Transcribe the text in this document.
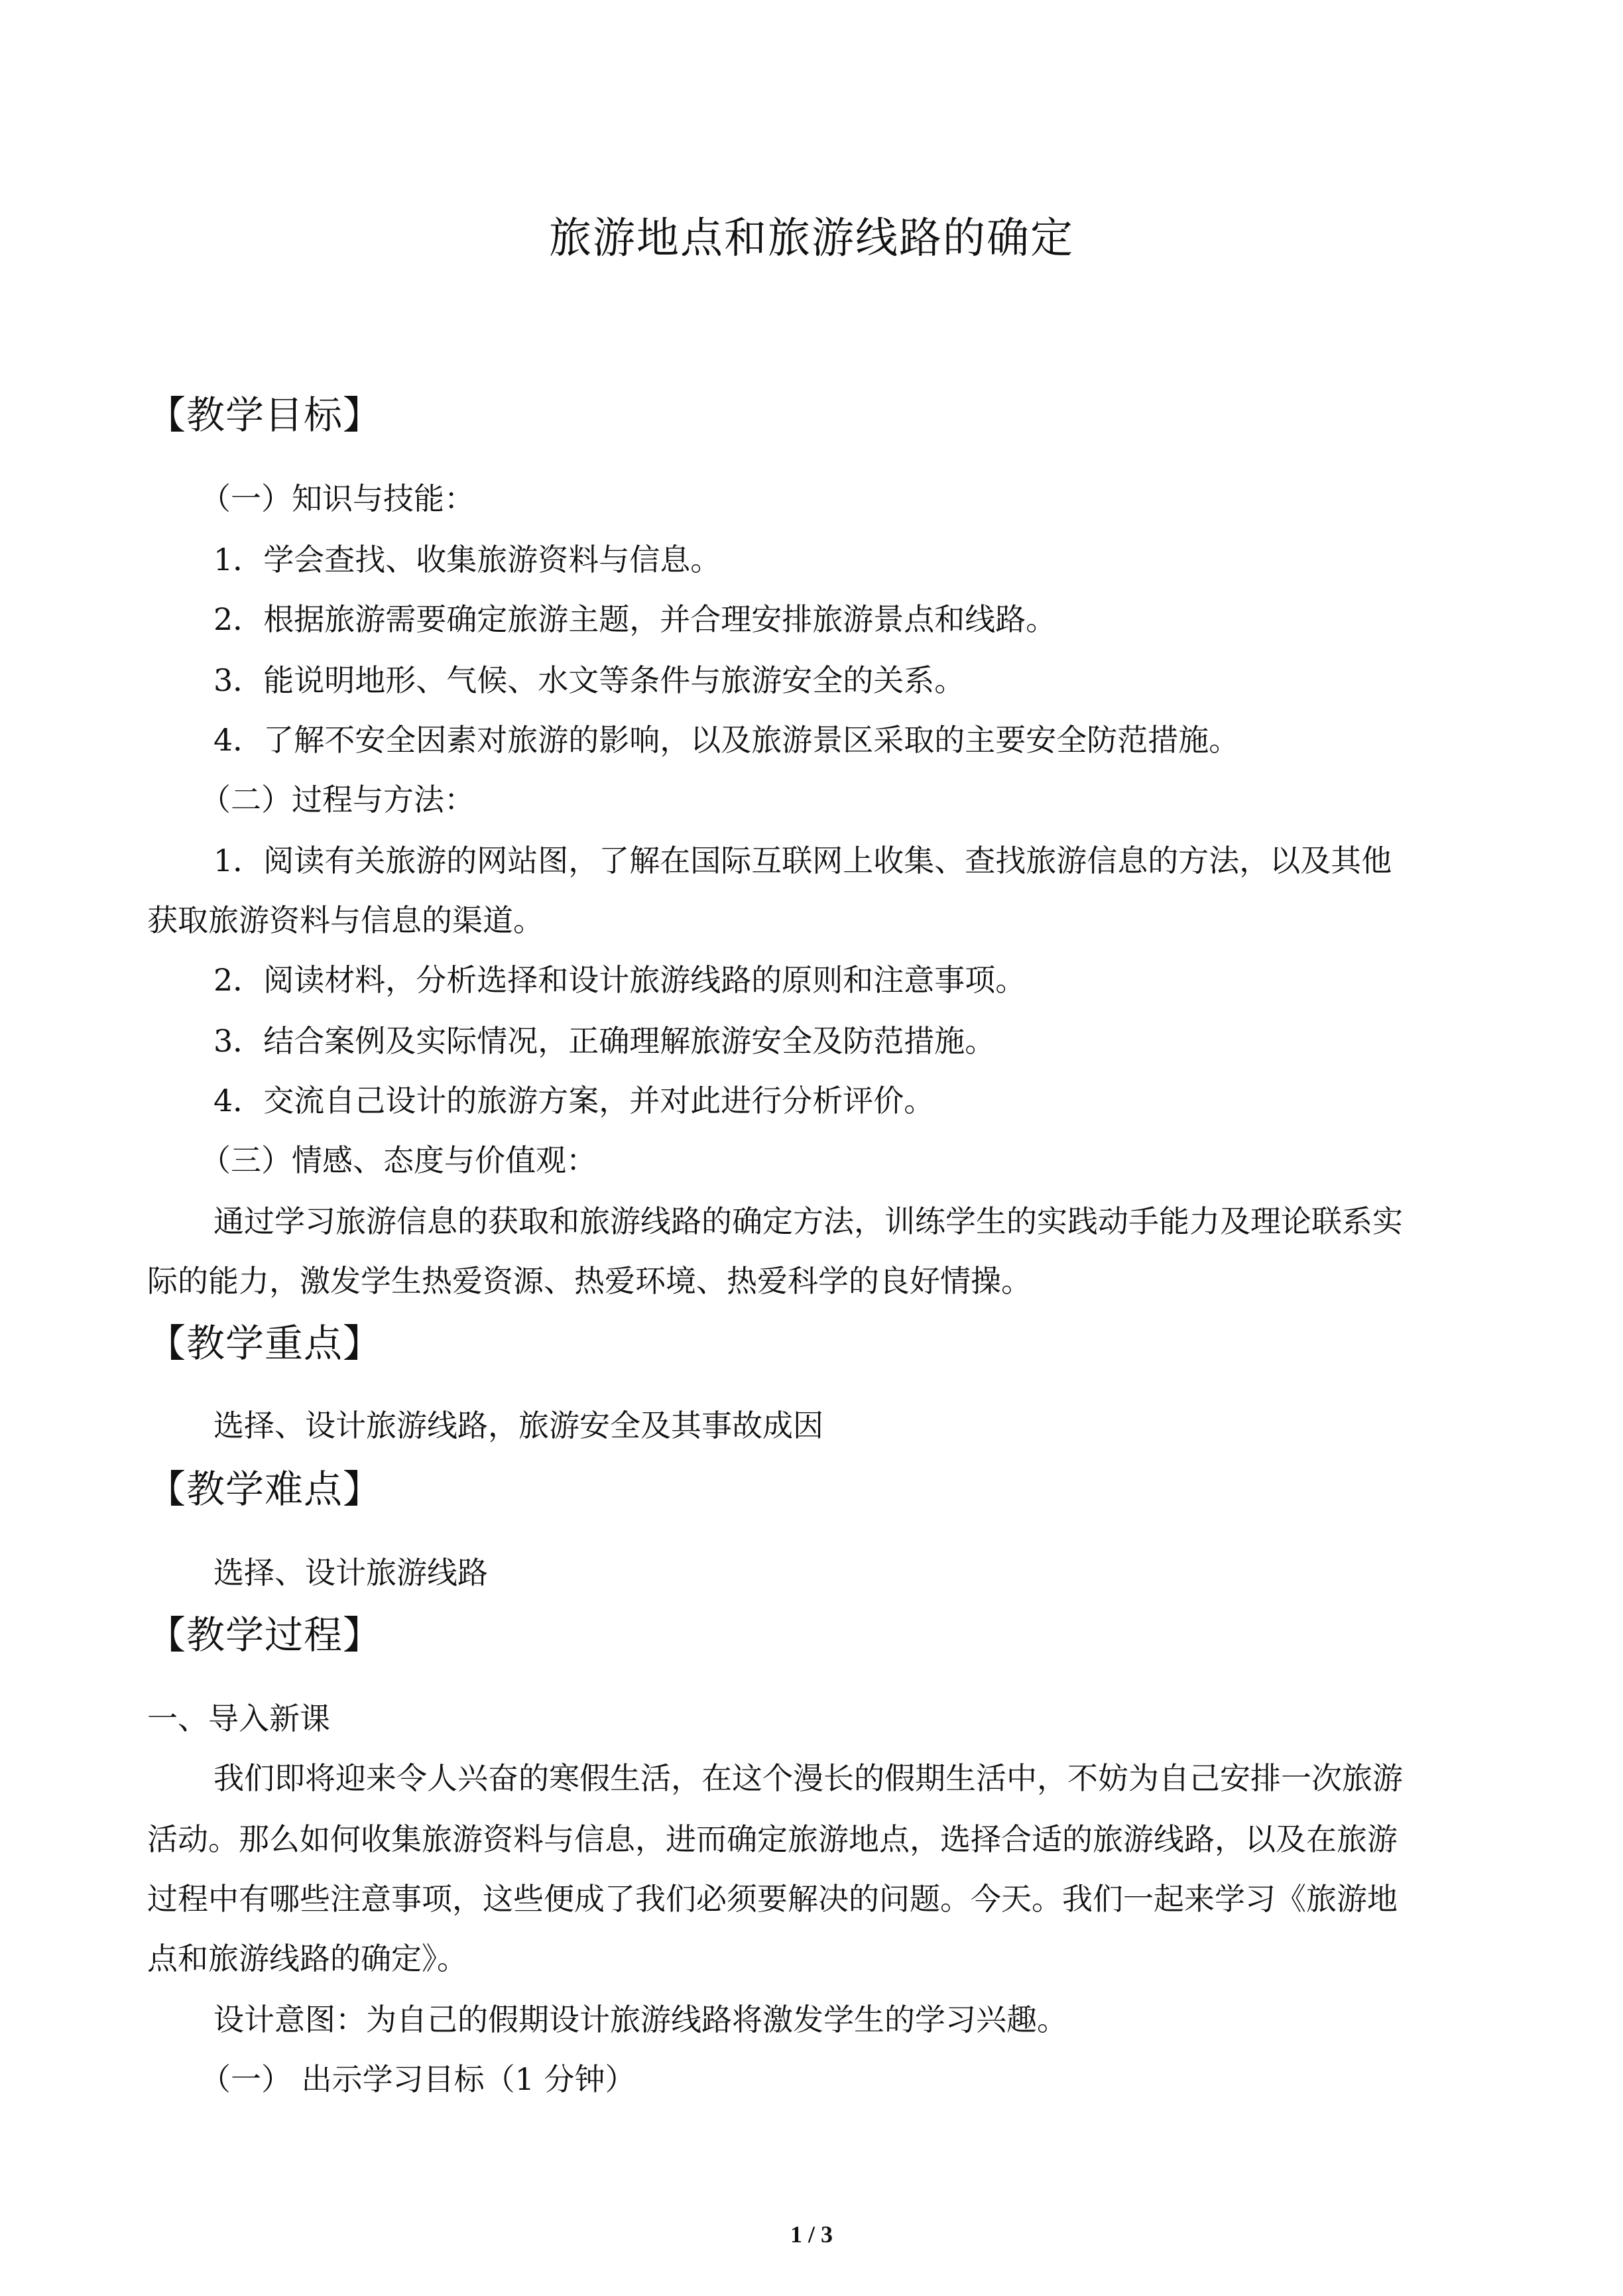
旅游地点和旅游线路的确定
【教学目标】
（一）知识与技能：
1．学会查找、收集旅游资料与信息。
2．根据旅游需要确定旅游主题，并合理安排旅游景点和线路。
3．能说明地形、气候、水文等条件与旅游安全的关系。
4．了解不安全因素对旅游的影响，以及旅游景区采取的主要安全防范措施。
（二）过程与方法：
1．阅读有关旅游的网站图，了解在国际互联网上收集、查找旅游信息的方法，以及其他
获取旅游资料与信息的渠道。
2．阅读材料，分析选择和设计旅游线路的原则和注意事项。
3．结合案例及实际情况，正确理解旅游安全及防范措施。
4．交流自己设计的旅游方案，并对此进行分析评价。
（三）情感、态度与价值观：
通过学习旅游信息的获取和旅游线路的确定方法，训练学生的实践动手能力及理论联系实
际的能力，激发学生热爱资源、热爱环境、热爱科学的良好情操。
【教学重点】
选择、设计旅游线路，旅游安全及其事故成因
【教学难点】
选择、设计旅游线路
【教学过程】
一、导入新课
我们即将迎来令人兴奋的寒假生活，在这个漫长的假期生活中，不妨为自己安排一次旅游
活动。那么如何收集旅游资料与信息，进而确定旅游地点，选择合适的旅游线路，以及在旅游
过程中有哪些注意事项，这些便成了我们必须要解决的问题。今天。我们一起来学习《旅游地
点和旅游线路的确定》。
设计意图：为自己的假期设计旅游线路将激发学生的学习兴趣。
（一） 出示学习目标（1 分钟）
1 / 3
